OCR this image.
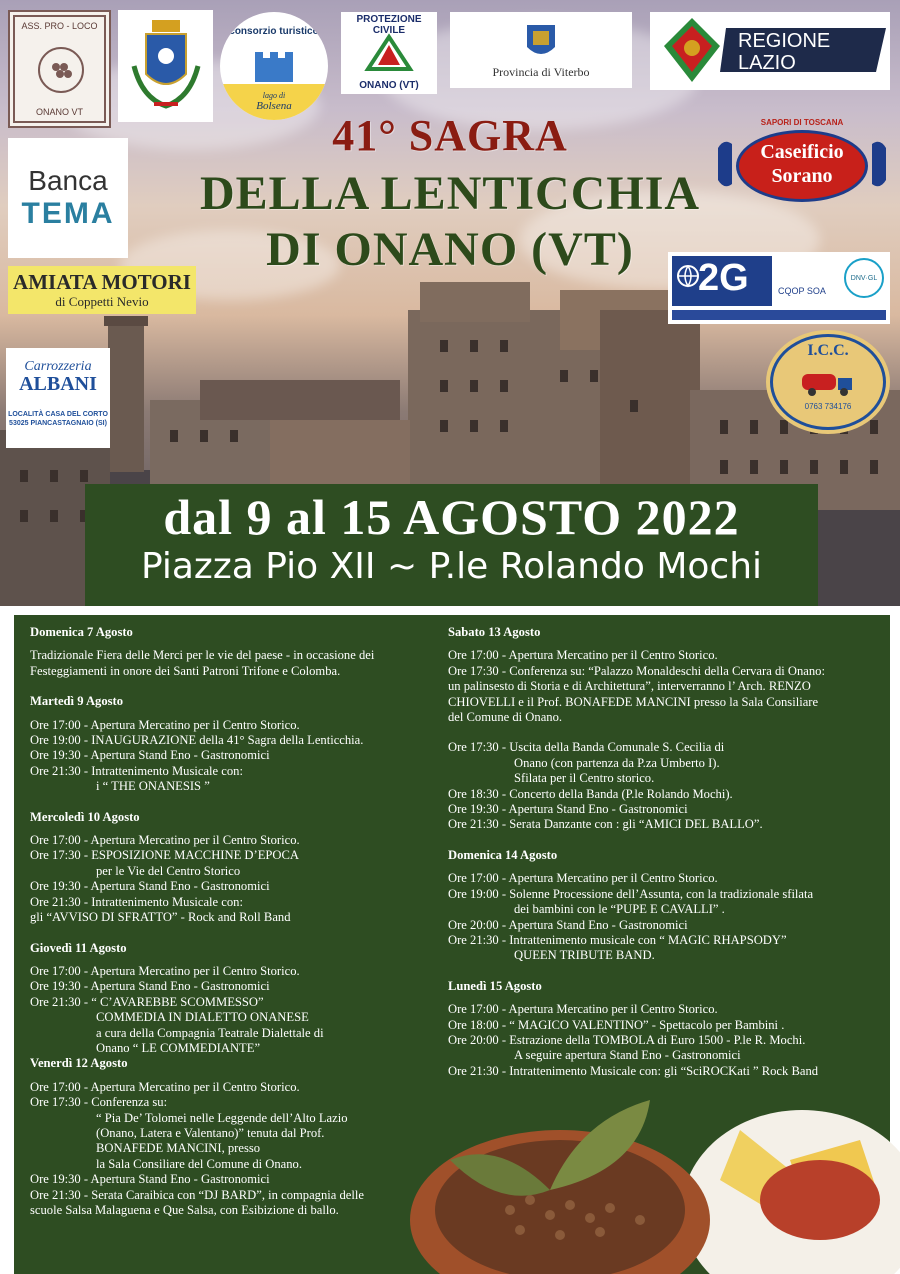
41° SAGRA
DELLA LENTICCHIA
DI ONANO (VT)
ASS. PRO - LOCO
ONANO VT
consorzio turistico
lago di
Bolsena
PROTEZIONE CIVILE
ONANO (VT)
Provincia di Viterbo
REGIONE
LAZIO
Banca
TEMA
SAPORI DI TOSCANA
Caseificio
Sorano
AMIATA MOTORI
di Coppetti Nevio
2G	CQOP SOA
DNV·GL
Carrozzeria
ALBANI
LOCALITÀ CASA DEL CORTO
53025 PIANCASTAGNAIO (SI)
I.C.C.
0763 734176
dal 9 al 15 AGOSTO 2022
Piazza Pio XII ~ P.le Rolando Mochi
Domenica 7 Agosto
Tradizionale Fiera delle Merci per le vie del paese - in occasione dei
Festeggiamenti in onore dei Santi Patroni Trifone e Colomba.
Martedì 9 Agosto
Ore 17:00 - Apertura Mercatino per il Centro Storico.
Ore 19:00 - INAUGURAZIONE della 41° Sagra della Lenticchia.
Ore 19:30 - Apertura Stand Eno - Gastronomici
Ore 21:30 - Intrattenimento Musicale con:
i “ THE ONANESIS ”
Mercoledì 10 Agosto
Ore 17:00 - Apertura Mercatino per il Centro Storico.
Ore 17:30 - ESPOSIZIONE MACCHINE D’EPOCA
per le Vie del Centro Storico
Ore 19:30 - Apertura Stand Eno - Gastronomici
Ore 21:30 - Intrattenimento Musicale con:
gli “AVVISO DI SFRATTO” - Rock and Roll Band
Giovedì 11 Agosto
Ore 17:00 - Apertura Mercatino per il Centro Storico.
Ore 19:30 - Apertura Stand Eno - Gastronomici
Ore 21:30 - “ C’AVAREBBE SCOMMESSO”
COMMEDIA IN DIALETTO ONANESE
a cura della Compagnia Teatrale Dialettale di
Onano “ LE COMMEDIANTE”
Venerdì 12 Agosto
Ore 17:00 - Apertura Mercatino per il Centro Storico.
Ore 17:30 - Conferenza su:
“ Pia De’ Tolomei nelle Leggende dell’Alto Lazio
(Onano, Latera e Valentano)” tenuta dal Prof.
BONAFEDE MANCINI, presso
la Sala Consiliare del Comune di Onano.
Ore 19:30 - Apertura Stand Eno - Gastronomici
Ore 21:30 - Serata Caraibica con “DJ BARD”, in compagnia delle
scuole Salsa Malaguena e Que Salsa, con Esibizione di ballo.
Sabato 13 Agosto
Ore 17:00 - Apertura Mercatino per il Centro Storico.
Ore 17:30 - Conferenza su: “Palazzo Monaldeschi della Cervara di Onano:
un palinsesto di Storia e di Architettura”, interverranno l’ Arch. RENZO
CHIOVELLI e il Prof. BONAFEDE MANCINI presso la Sala Consiliare
del Comune di Onano.
Ore 17:30 - Uscita della Banda Comunale S. Cecilia di
Onano (con partenza da P.za Umberto I).
Sfilata per il Centro storico.
Ore 18:30 - Concerto della Banda (P.le Rolando Mochi).
Ore 19:30 - Apertura Stand Eno - Gastronomici
Ore 21:30 - Serata Danzante con : gli “AMICI DEL BALLO”.
Domenica 14 Agosto
Ore 17:00 - Apertura Mercatino per il Centro Storico.
Ore 19:00 - Solenne Processione dell’Assunta, con la tradizionale sfilata
dei bambini con le “PUPE E CAVALLI” .
Ore 20:00 - Apertura Stand Eno - Gastronomici
Ore 21:30 - Intrattenimento musicale con “ MAGIC RHAPSODY”
QUEEN TRIBUTE BAND.
Lunedì 15 Agosto
Ore 17:00 - Apertura Mercatino per il Centro Storico.
Ore 18:00 - “ MAGICO VALENTINO” - Spettacolo per Bambini .
Ore 20:00 - Estrazione della TOMBOLA di Euro 1500 - P.le R. Mochi.
A seguire apertura Stand Eno - Gastronomici
Ore 21:30 - Intrattenimento Musicale con: gli “SciROCKati ” Rock Band
